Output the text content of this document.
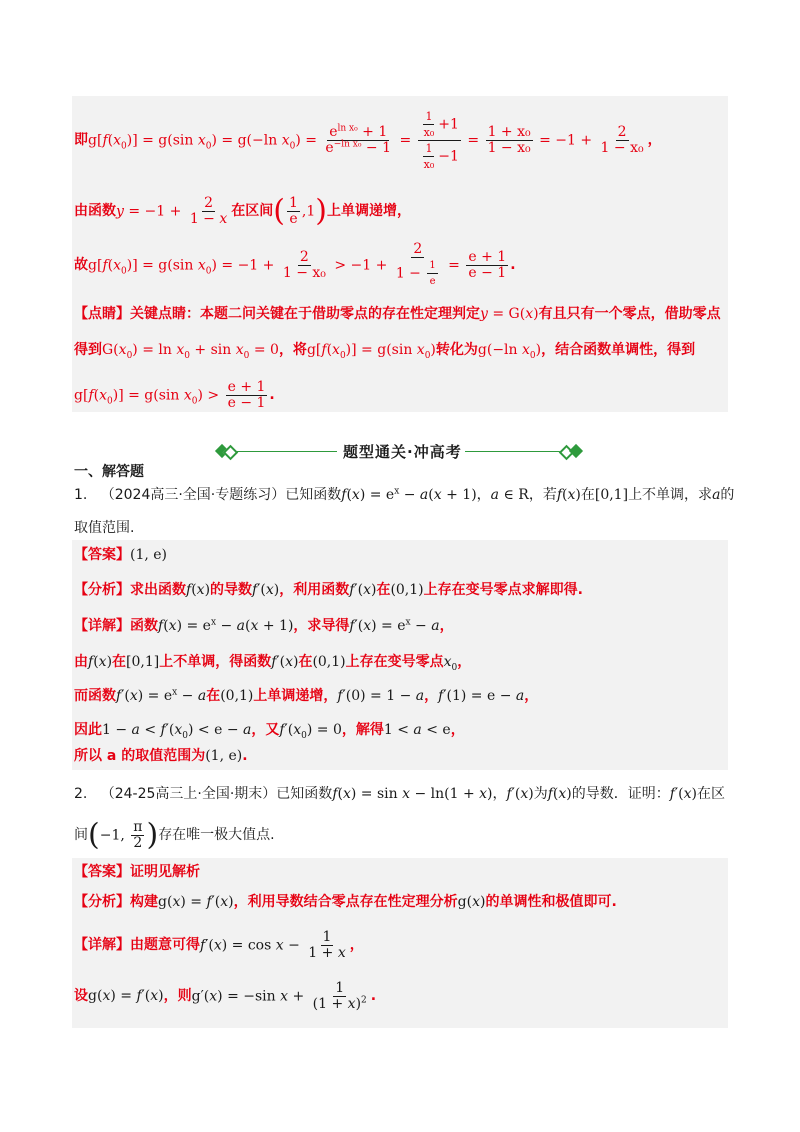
即 $g[f(x_0)] = g(\sin$ $x_0) = g(-\ln$ $x_0) = \frac{e^{ln x_0} + 1}{e^{-ln x_0} - 1} = \frac{\frac{1}{\text{x₀}} +1}{\frac{1}{\text{x₀}} -1} = \frac{\text{1 + x₀}}{\text{1 − x₀}} = -1 + \frac{2}{\text{1 − x₀}}$ ，
由函数 $y = -1 + \frac{2}{1 - x}$ 在区间 ( $\frac{1}{e} ,1$) 上单调递增，
故 $g[f(x_0)] = g(\sin$ $x_0) = -1 + \frac{2}{\text{1 − x₀}} > -1 + \frac{2}{1 - \frac{1}{e}} = \frac{e + 1}{e - 1}$ .
【点睛】关键点睛：本题二问关键在于借助零点的存在性定理判定y = G(x)有且只有一个零点，借助零点
得到$G(x_0) = \ln x_0 + \sin x_0 = 0$，将$g[f(x_0)] = g(\sin$ $x_0$)转化为g(−ln $x_0$)，结合函数单调性，得到
$g[f(x_0)] = g(\sin$ $x_0) > \frac{e + 1}{e - 1}$ .
题型通关·冲高考
一、解答题
1. （2024高三·全国·专题练习）已知函数$f(x) = e^x - a(x + 1)$，a ∈ R，若f(x)在[0,1]上不单调，求a的
取值范围.
【答案】(1, e)
【分析】求出函数f(x)的导数f′(x)，利用函数f′(x)在(0,1)上存在变号零点求解即得.
【详解】函数$f(x) = e^x - a(x + 1)$，求导得$f'(x) = e^x - a$，
由f(x)在[0,1]上不单调，得函数f′(x)在(0,1)上存在变号零点$x_0$，
而函数$f'(x) = e^x - a$在(0,1)上单调递增，f′(0) = 1 − a，f′(1) = e − a，
因此$1 - a < f'(x_0) < e - a$，又$f'(x_0) = 0$，解得1 < a < e，
所以 a 的取值范围为(1, e).
2. （24-25高三上·全国·期末）已知函数f(x) = sin x − ln(1 + x)，f′(x)为f(x)的导数．证明：f′(x)在区
间 (−1, $\frac{\pi}{2}$ ) 存在唯一极大值点.
【答案】证明见解析
【分析】构建g(x) = f′(x)，利用导数结合零点存在性定理分析g(x)的单调性和极值即可.
【详解】由题意可得 $f'(x) = \cos x - \frac{1}{1 + x}$ ，
设 g(x) = f′(x) ，则 g′(x) = −sin $x + \frac{1}{(1 + x)^2}$ .
